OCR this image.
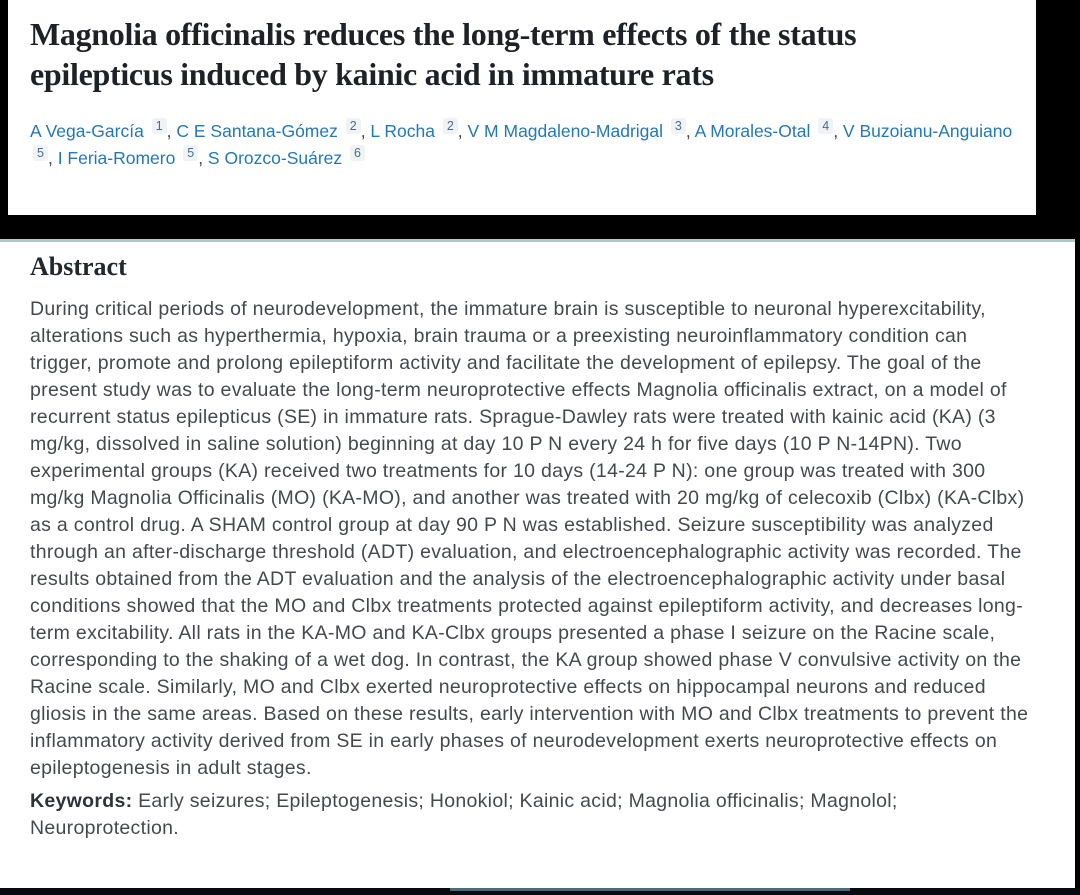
Magnolia officinalis reduces the long-term effects of the status epilepticus induced by kainic acid in immature rats

A Vega-García $^1$ , C E Santana-Gómez $^2$ , L Rocha $^2$ , V M Magdaleno-Madrigal $^3$ , A Morales-Otal $^4$ , V Buzoianu-Anguiano $^5$ , I Feria-Romero $^5$ , S Orozco-Suárez $^6$

Abstract

During critical periods of neurodevelopment, the immature brain is susceptible to neuronal hyperexcitability, alterations such as hyperthermia, hypoxia, brain trauma or a preexisting neuroinflammatory condition can trigger, promote and prolong epileptiform activity and facilitate the development of epilepsy. The goal of the present study was to evaluate the long-term neuroprotective effects Magnolia officinalis extract, on a model of recurrent status epilepticus (SE) in immature rats. Sprague-Dawley rats were treated with kainic acid (KA) (3 mg/kg, dissolved in saline solution) beginning at day 10 P N every 24 h for five days (10 P N-14PN). Two experimental groups (KA) received two treatments for 10 days (14-24 P N): one group was treated with 300 mg/kg Magnolia Officinalis (MO) (KA-MO), and another was treated with 20 mg/kg of celecoxib (Clbx) (KA-Clbx) as a control drug. A SHAM control group at day 90 P N was established. Seizure susceptibility was analyzed through an after-discharge threshold (ADT) evaluation, and electroencephalographic activity was recorded. The results obtained from the ADT evaluation and the analysis of the electroencephalographic activity under basal conditions showed that the MO and Clbx treatments protected against epileptiform activity, and decreases long-term excitability. All rats in the KA-MO and KA-Clbx groups presented a phase I seizure on the Racine scale, corresponding to the shaking of a wet dog. In contrast, the KA group showed phase V convulsive activity on the Racine scale. Similarly, MO and Clbx exerted neuroprotective effects on hippocampal neurons and reduced gliosis in the same areas. Based on these results, early intervention with MO and Clbx treatments to prevent the inflammatory activity derived from SE in early phases of neurodevelopment exerts neuroprotective effects on epileptogenesis in adult stages.

Keywords: Early seizures; Epileptogenesis; Honokiol; Kainic acid; Magnolia officinalis; Magnolol; Neuroprotection.
